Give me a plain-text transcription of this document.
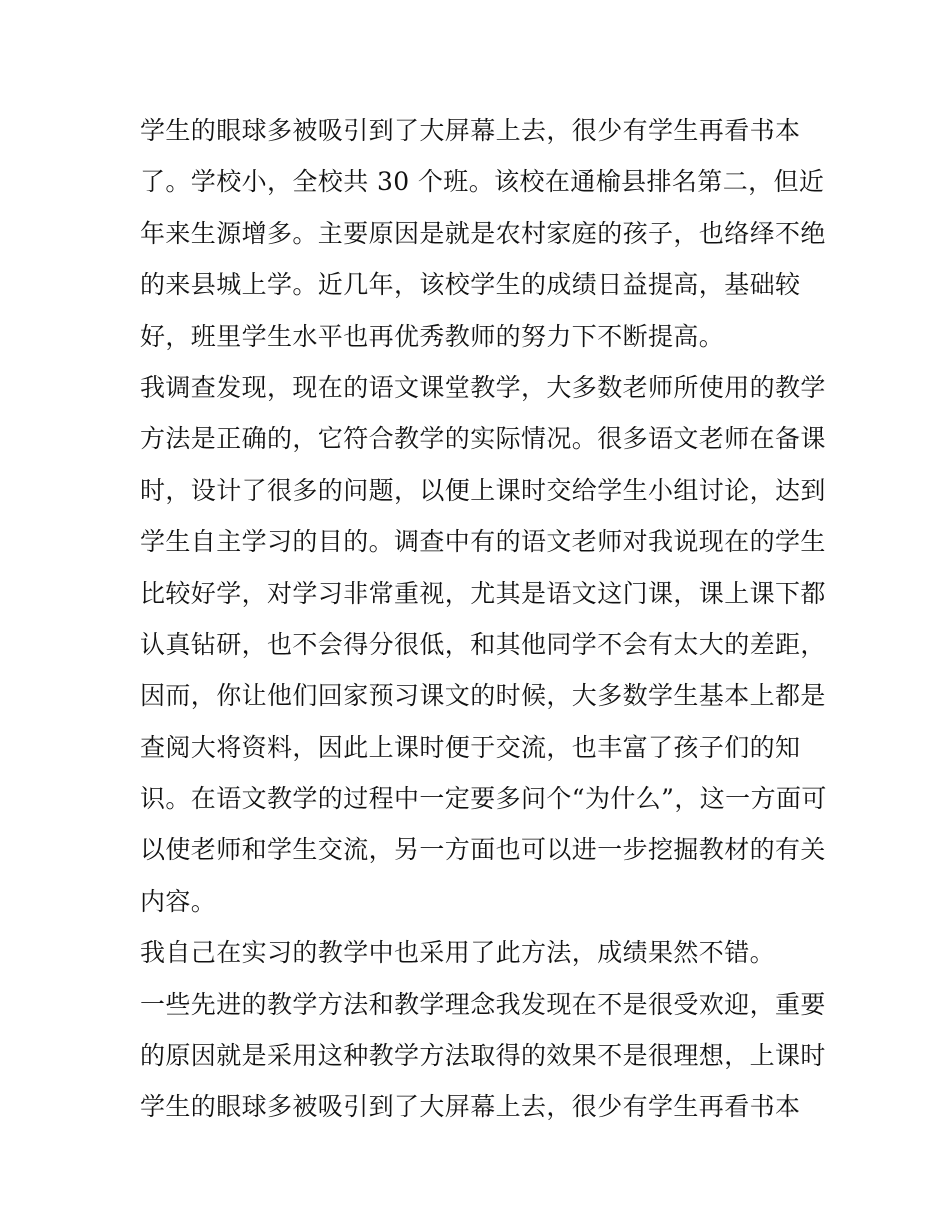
学生的眼球多被吸引到了大屏幕上去，很少有学生再看书本
了。学校小，全校共 30 个班。该校在通榆县排名第二，但近
年来生源增多。主要原因是就是农村家庭的孩子，也络绎不绝
的来县城上学。近几年，该校学生的成绩日益提高，基础较
好，班里学生水平也再优秀教师的努力下不断提高。
我调查发现，现在的语文课堂教学，大多数老师所使用的教学
方法是正确的，它符合教学的实际情况。很多语文老师在备课
时，设计了很多的问题，以便上课时交给学生小组讨论，达到
学生自主学习的目的。调查中有的语文老师对我说现在的学生
比较好学，对学习非常重视，尤其是语文这门课，课上课下都
认真钻研，也不会得分很低，和其他同学不会有太大的差距，
因而，你让他们回家预习课文的时候，大多数学生基本上都是
查阅大将资料，因此上课时便于交流，也丰富了孩子们的知
识。在语文教学的过程中一定要多问个“为什么”，这一方面可
以使老师和学生交流，另一方面也可以进一步挖掘教材的有关
内容。
我自己在实习的教学中也采用了此方法，成绩果然不错。
一些先进的教学方法和教学理念我发现在不是很受欢迎，重要
的原因就是采用这种教学方法取得的效果不是很理想，上课时
学生的眼球多被吸引到了大屏幕上去，很少有学生再看书本
